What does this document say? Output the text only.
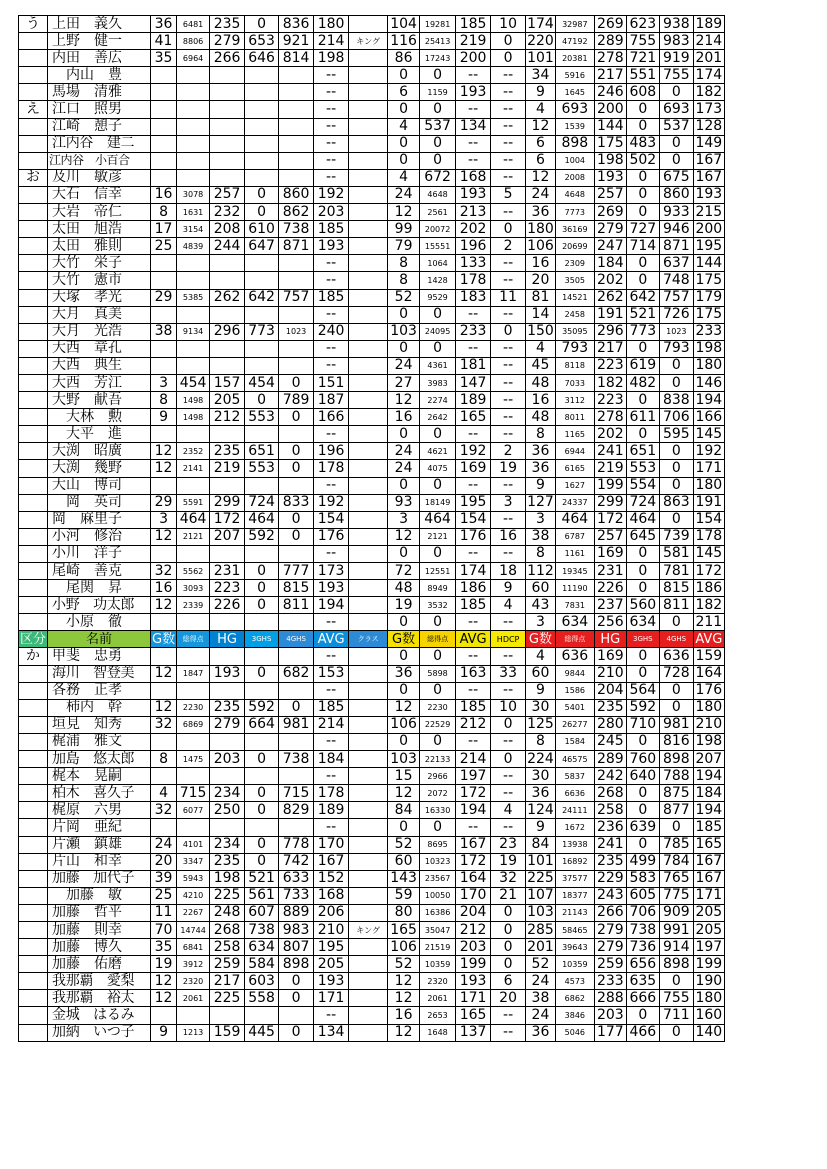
う	上田　義久	36	6481	235	0	836	180		104	19281	185	10	174	32987	269	623	938	189
	上野　健一	41	8806	279	653	921	214	キング	116	25413	219	0	220	47192	289	755	983	214
	内田　善広	35	6964	266	646	814	198		86	17243	200	0	101	20381	278	721	919	201
	内山　豊						--		0	0	--	--	34	5916	217	551	755	174
	馬場　清雅						--		6	1159	193	--	9	1645	246	608	0	182
え	江口　照男						--		0	0	--	--	4	693	200	0	693	173
	江崎　憩子						--		4	537	134	--	12	1539	144	0	537	128
	江内谷　建二						--		0	0	--	--	6	898	175	483	0	149
	江内谷　小百合						--		0	0	--	--	6	1004	198	502	0	167
お	及川　敏彦						--		4	672	168	--	12	2008	193	0	675	167
	大石　信幸	16	3078	257	0	860	192		24	4648	193	5	24	4648	257	0	860	193
	大岩　帝仁	8	1631	232	0	862	203		12	2561	213	--	36	7773	269	0	933	215
	太田　旭浩	17	3154	208	610	738	185		99	20072	202	0	180	36169	279	727	946	200
	太田　雅則	25	4839	244	647	871	193		79	15551	196	2	106	20699	247	714	871	195
	大竹　栄子						--		8	1064	133	--	16	2309	184	0	637	144
	大竹　憲市						--		8	1428	178	--	20	3505	202	0	748	175
	大塚　孝光	29	5385	262	642	757	185		52	9529	183	11	81	14521	262	642	757	179
	大月　真美						--		0	0	--	--	14	2458	191	521	726	175
	大月　光浩	38	9134	296	773	1023	240		103	24095	233	0	150	35095	296	773	1023	233
	大西　章孔						--		0	0	--	--	4	793	217	0	793	198
	大西　典生						--		24	4361	181	--	45	8118	223	619	0	180
	大西　芳江	3	454	157	454	0	151		27	3983	147	--	48	7033	182	482	0	146
	大野　献吾	8	1498	205	0	789	187		12	2274	189	--	16	3112	223	0	838	194
	大林　勲	9	1498	212	553	0	166		16	2642	165	--	48	8011	278	611	706	166
	大平　進						--		0	0	--	--	8	1165	202	0	595	145
	大渕　昭廣	12	2352	235	651	0	196		24	4621	192	2	36	6944	241	651	0	192
	大渕　幾野	12	2141	219	553	0	178		24	4075	169	19	36	6165	219	553	0	171
	大山　博司						--		0	0	--	--	9	1627	199	554	0	180
	岡　英司	29	5591	299	724	833	192		93	18149	195	3	127	24337	299	724	863	191
	岡　麻里子	3	464	172	464	0	154		3	464	154	--	3	464	172	464	0	154
	小河　修治	12	2121	207	592	0	176		12	2121	176	16	38	6787	257	645	739	178
	小川　洋子						--		0	0	--	--	8	1161	169	0	581	145
	尾崎　善克	32	5562	231	0	777	173		72	12551	174	18	112	19345	231	0	781	172
	尾関　昇	16	3093	223	0	815	193		48	8949	186	9	60	11190	226	0	815	186
	小野　功太郎	12	2339	226	0	811	194		19	3532	185	4	43	7831	237	560	811	182
	小原　徹						--		0	0	--	--	3	634	256	634	0	211
区分	名前	G数	総得点	HG	3GHS	4GHS	AVG	クラス	G数	総得点	AVG	HDCP	G数	総得点	HG	3GHS	4GHS	AVG
か	甲斐　忠勇						--		0	0	--	--	4	636	169	0	636	159
	海川　智登美	12	1847	193	0	682	153		36	5898	163	33	60	9844	210	0	728	164
	各務　正孝						--		0	0	--	--	9	1586	204	564	0	176
	柿内　幹	12	2230	235	592	0	185		12	2230	185	10	30	5401	235	592	0	180
	垣見　知秀	32	6869	279	664	981	214		106	22529	212	0	125	26277	280	710	981	210
	梶浦　雅文						--		0	0	--	--	8	1584	245	0	816	198
	加島　悠太郎	8	1475	203	0	738	184		103	22133	214	0	224	46575	289	760	898	207
	梶本　晃嗣						--		15	2966	197	--	30	5837	242	640	788	194
	柏木　喜久子	4	715	234	0	715	178		12	2072	172	--	36	6636	268	0	875	184
	梶原　六男	32	6077	250	0	829	189		84	16330	194	4	124	24111	258	0	877	194
	片岡　亜紀						--		0	0	--	--	9	1672	236	639	0	185
	片瀬　鎮雄	24	4101	234	0	778	170		52	8695	167	23	84	13938	241	0	785	165
	片山　和幸	20	3347	235	0	742	167		60	10323	172	19	101	16892	235	499	784	167
	加藤　加代子	39	5943	198	521	633	152		143	23567	164	32	225	37577	229	583	765	167
	加藤　敏	25	4210	225	561	733	168		59	10050	170	21	107	18377	243	605	775	171
	加藤　哲平	11	2267	248	607	889	206		80	16386	204	0	103	21143	266	706	909	205
	加藤　則幸	70	14744	268	738	983	210	キング	165	35047	212	0	285	58465	279	738	991	205
	加藤　博久	35	6841	258	634	807	195		106	21519	203	0	201	39643	279	736	914	197
	加藤　佑磨	19	3912	259	584	898	205		52	10359	199	0	52	10359	259	656	898	199
	我那覇　愛梨	12	2320	217	603	0	193		12	2320	193	6	24	4573	233	635	0	190
	我那覇　裕太	12	2061	225	558	0	171		12	2061	171	20	38	6862	288	666	755	180
	金城　はるみ						--		16	2653	165	--	24	3846	203	0	711	160
	加納　いつ子	9	1213	159	445	0	134		12	1648	137	--	36	5046	177	466	0	140
